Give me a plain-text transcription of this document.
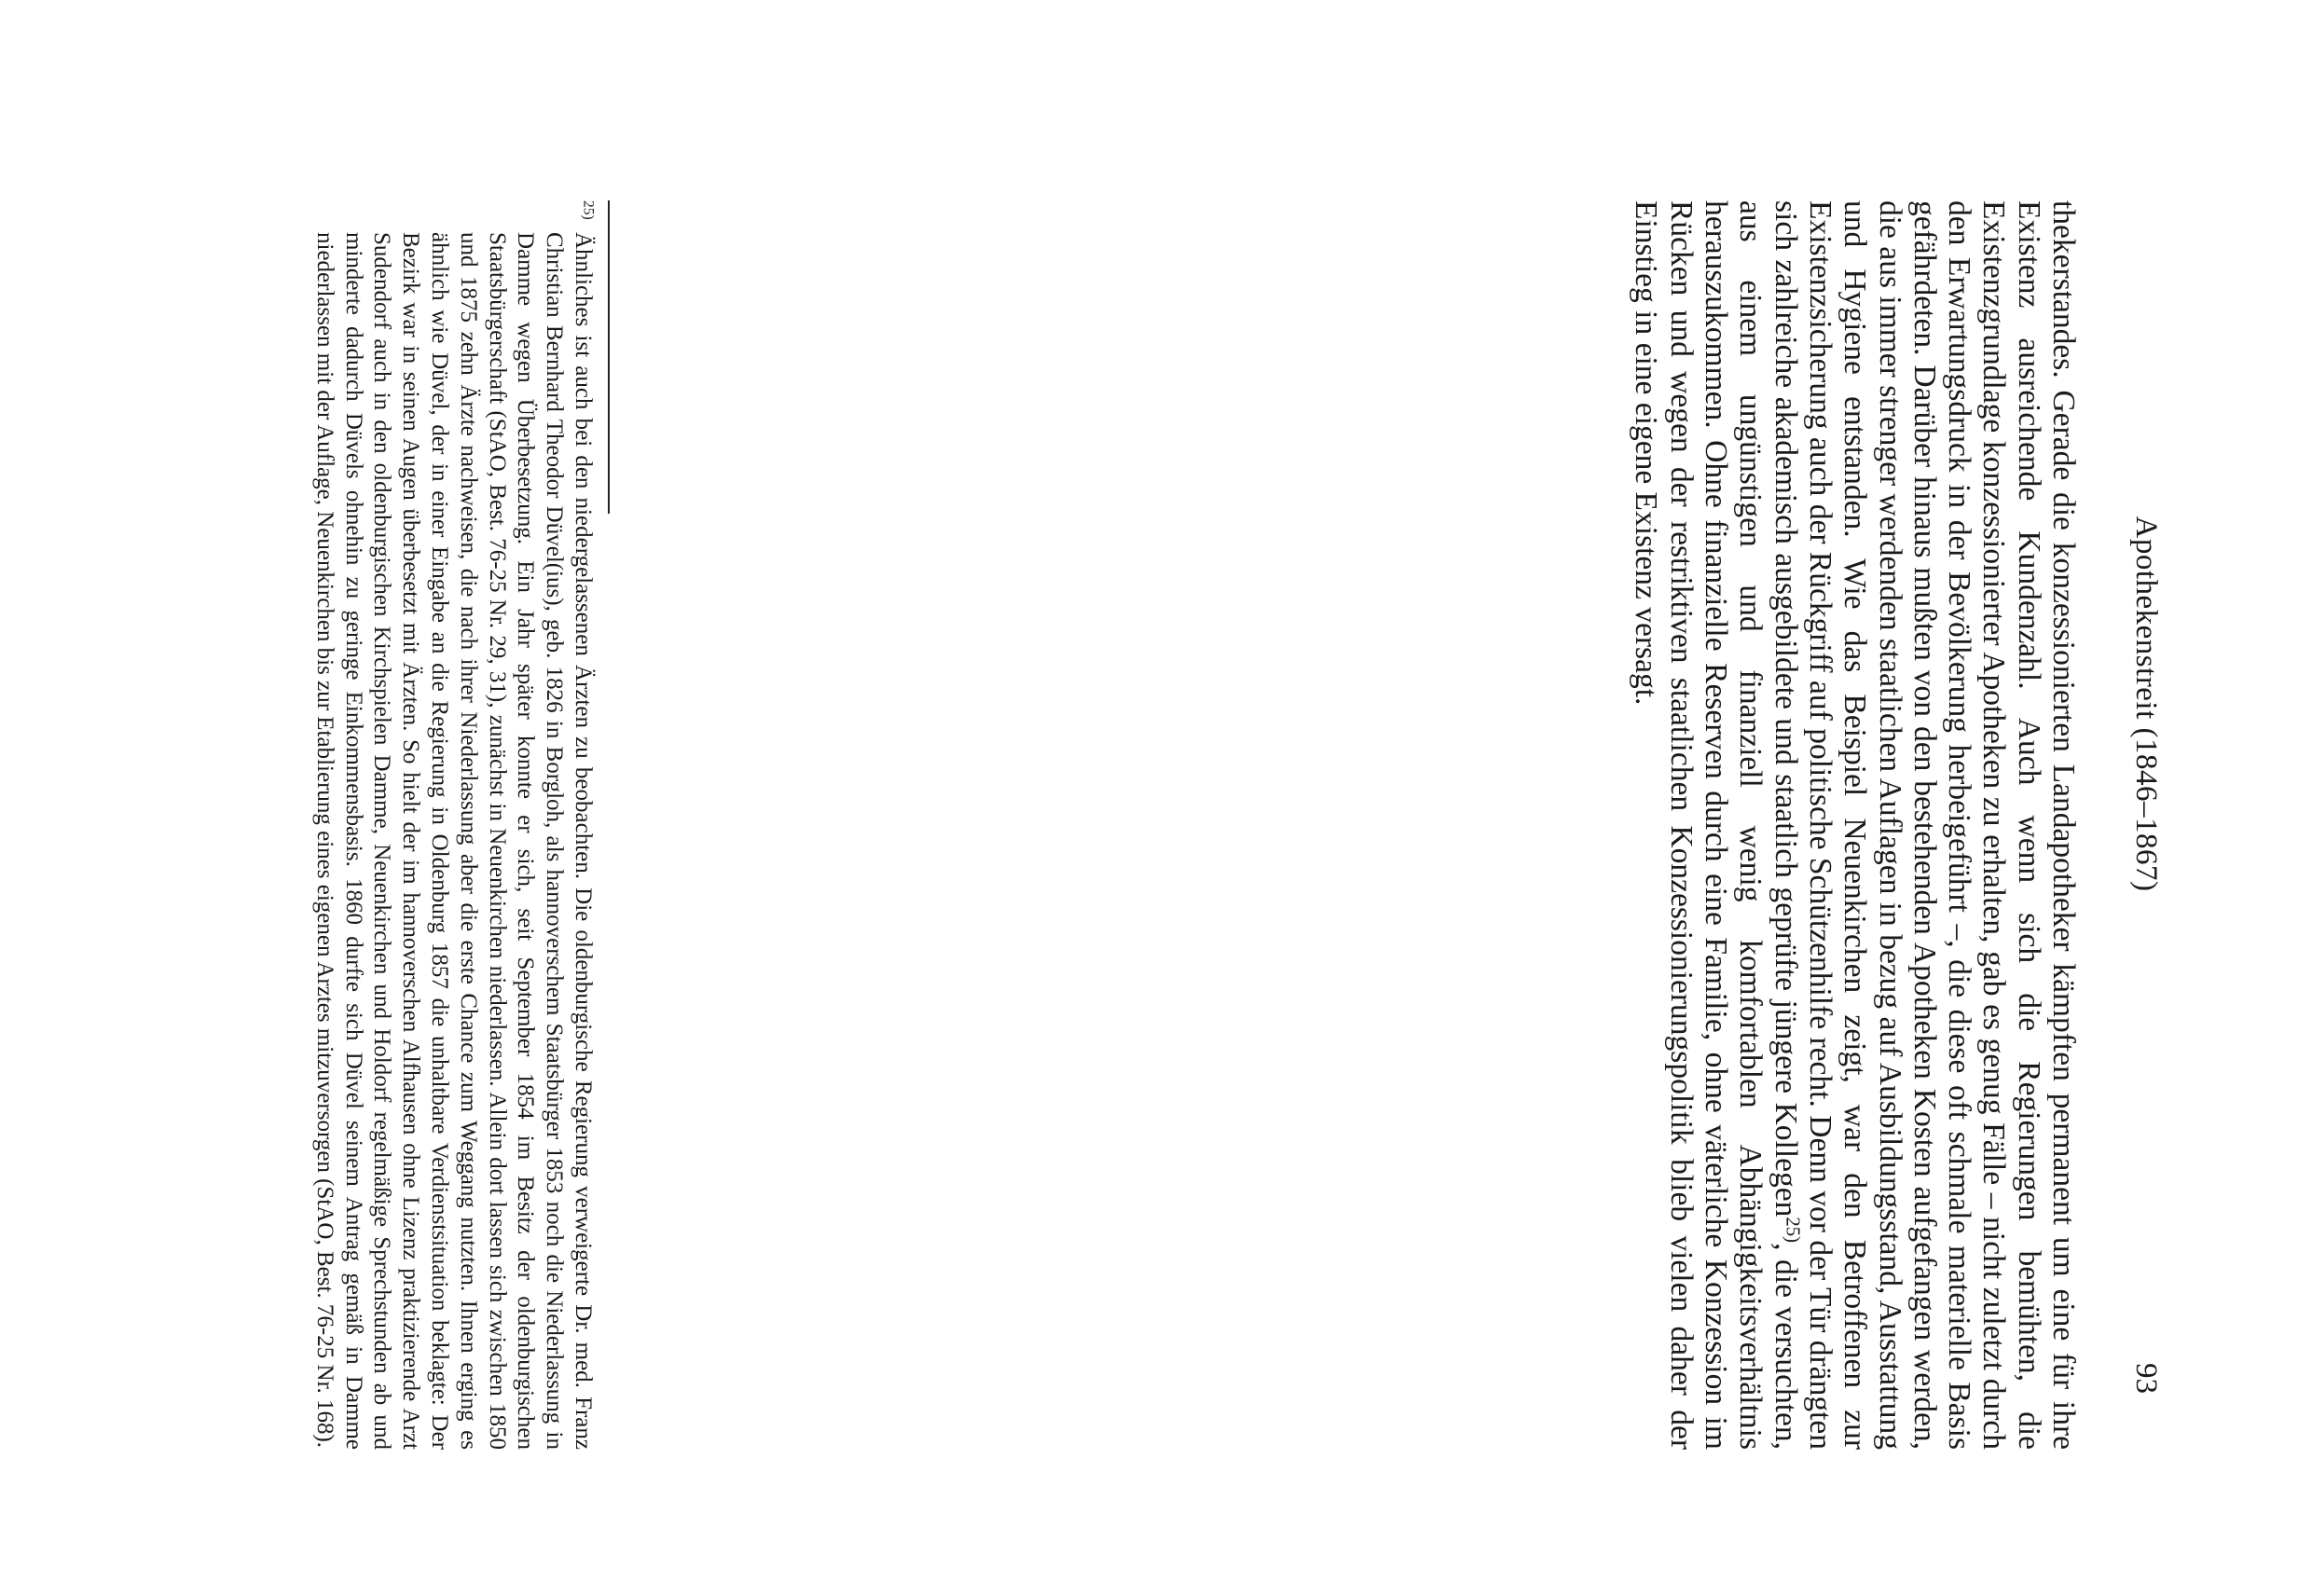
Apothekenstreit (1846–1867)
93

thekerstandes. Gerade die konzessionierten Landapotheker kämpften permanent um eine für ihre Existenz ausreichende Kundenzahl. Auch wenn sich die Regierungen bemühten, die Existenzgrundlage konzessionierter Apotheken zu erhalten, gab es genug Fälle – nicht zuletzt durch den Erwartungsdruck in der Bevölkerung herbeigeführt –, die diese oft schmale materielle Basis gefährdeten. Darüber hinaus mußten von den bestehenden Apotheken Kosten aufgefangen werden, die aus immer strenger werdenden staatlichen Auflagen in bezug auf Ausbildungsstand, Ausstattung und Hygiene entstanden. Wie das Beispiel Neuenkirchen zeigt, war den Betroffenen zur Existenzsicherung auch der Rückgriff auf politische Schützenhilfe recht. Denn vor der Tür drängten sich zahlreiche akademisch ausgebildete und staatlich geprüfte jüngere Kollegen$^{25)}$, die versuchten, aus einem ungünstigen und finanziell wenig komfortablen Abhängigkeitsverhältnis herauszukommen. Ohne finanzielle Reserven durch eine Familie, ohne väterliche Konzession im Rücken und wegen der restriktiven staatlichen Konzessionierungspolitik blieb vielen daher der Einstieg in eine eigene Existenz versagt.

$^{25)}$Ähnliches ist auch bei den niedergelassenen Ärzten zu beobachten. Die oldenburgische Regierung verweigerte Dr. med. Franz Christian Bernhard Theodor Düvel(ius), geb. 1826 in Borgloh, als hannoverschem Staatsbürger 1853 noch die Niederlassung in Damme wegen Überbesetzung. Ein Jahr später konnte er sich, seit September 1854 im Besitz der oldenburgischen Staatsbürgerschaft (StAO, Best. 76-25 Nr. 29, 31), zunächst in Neuenkirchen niederlassen. Allein dort lassen sich zwischen 1850 und 1875 zehn Ärzte nachweisen, die nach ihrer Niederlassung aber die erste Chance zum Weggang nutzten. Ihnen erging es ähnlich wie Düvel, der in einer Eingabe an die Regierung in Oldenburg 1857 die unhaltbare Verdienstsituation beklagte: Der Bezirk war in seinen Augen überbesetzt mit Ärzten. So hielt der im hannoverschen Alfhausen ohne Lizenz praktizierende Arzt Sudendorf auch in den oldenburgischen Kirchspielen Damme, Neuenkirchen und Holdorf regelmäßige Sprechstunden ab und minderte dadurch Düvels ohnehin zu geringe Einkommensbasis. 1860 durfte sich Düvel seinem Antrag gemäß in Damme niederlassen mit der Auflage, Neuenkirchen bis zur Etablierung eines eigenen Arztes mitzuversorgen (StAO, Best. 76-25 Nr. 168).
